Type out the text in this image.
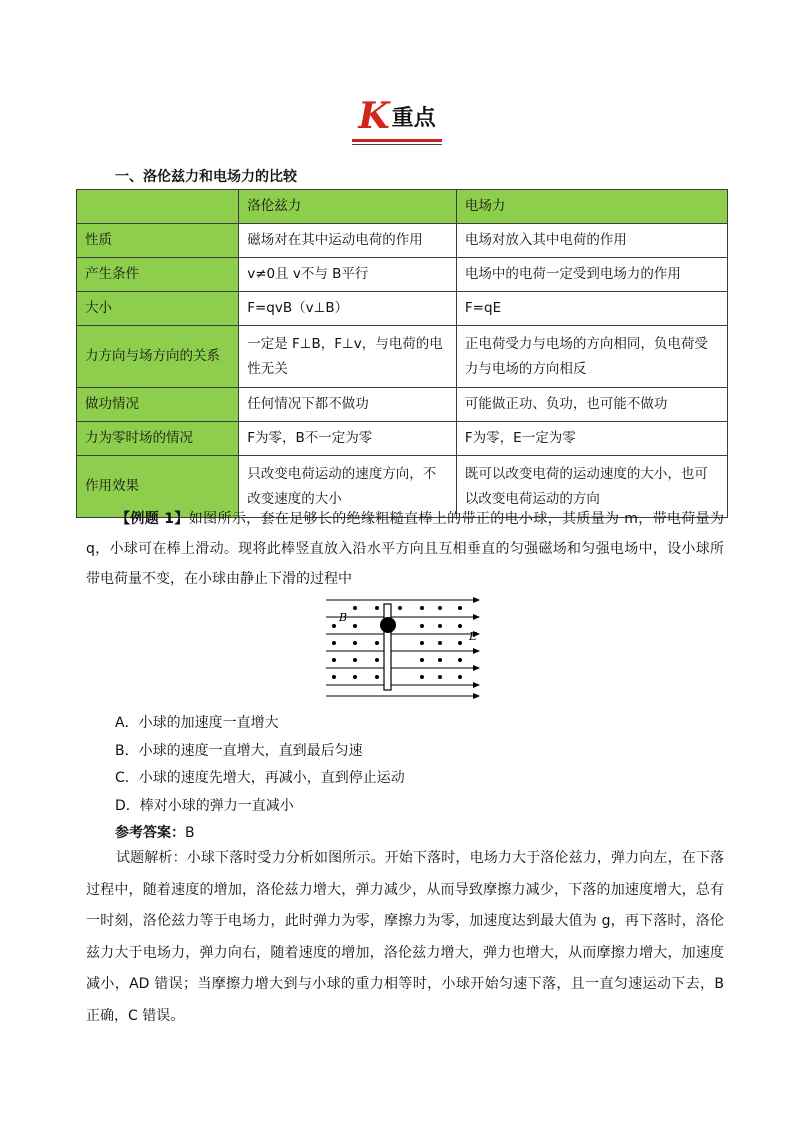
K重点
一、洛伦兹力和电场力的比较
	洛伦兹力	电场力
性质	磁场对在其中运动电荷的作用	电场对放入其中电荷的作用
产生条件	v≠0且 v不与 B平行	电场中的电荷一定受到电场力的作用
大小	F=qvB（v⊥B）	F=qE
力方向与场方向的关系	一定是 F⊥B，F⊥v，与电荷的电性无关	正电荷受力与电场的方向相同，负电荷受力与电场的方向相反
做功情况	任何情况下都不做功	可能做正功、负功，也可能不做功
力为零时场的情况	F为零，B不一定为零	F为零，E一定为零
作用效果	只改变电荷运动的速度方向，不改变速度的大小	既可以改变电荷的运动速度的大小，也可以改变电荷运动的方向
【例题 1】如图所示，套在足够长的绝缘粗糙直棒上的带正的电小球，其质量为 m，带电荷量为 q，小球可在棒上滑动。现将此棒竖直放入沿水平方向且互相垂直的匀强磁场和匀强电场中，设小球所带电荷量不变，在小球由静止下滑的过程中
B
E
A．小球的加速度一直增大
B．小球的速度一直增大，直到最后匀速
C．小球的速度先增大，再减小，直到停止运动
D．棒对小球的弹力一直减小
参考答案：B
试题解析：小球下落时受力分析如图所示。开始下落时，电场力大于洛伦兹力，弹力向左，在下落过程中，随着速度的增加，洛伦兹力增大，弹力减少，从而导致摩擦力减少，下落的加速度增大，总有一时刻，洛伦兹力等于电场力，此时弹力为零，摩擦力为零，加速度达到最大值为 g，再下落时，洛伦兹力大于电场力，弹力向右，随着速度的增加，洛伦兹力增大，弹力也增大，从而摩擦力增大，加速度减小，AD 错误；当摩擦力增大到与小球的重力相等时，小球开始匀速下落，且一直匀速运动下去，B 正确，C 错误。
